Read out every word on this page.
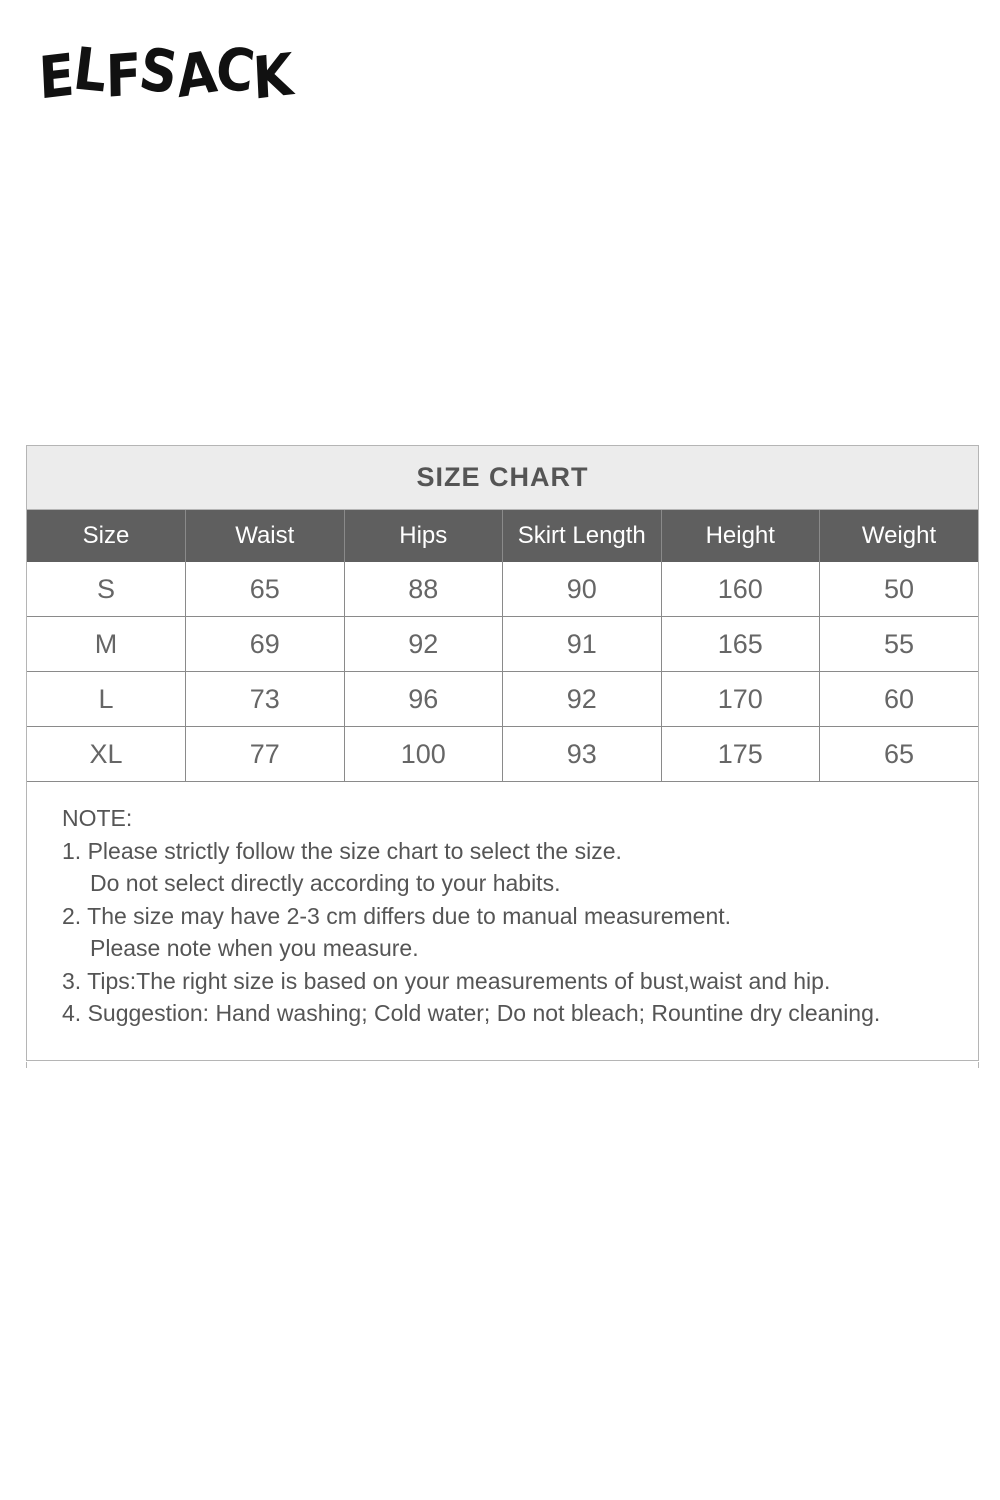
ELFSACK
SIZE CHART
Size	Waist	Hips	Skirt Length	Height	Weight
S	65	88	90	160	50
M	69	92	91	165	55
L	73	96	92	170	60
XL	77	100	93	175	65
NOTE:
1. Please strictly follow the size chart to select the size.
Do not select directly according to your habits.
2. The size may have 2-3 cm differs due to manual measurement.
Please note when you measure.
3. Tips:The right size is based on your measurements of bust,waist and hip.
4. Suggestion: Hand washing; Cold water; Do not bleach; Rountine dry cleaning.
